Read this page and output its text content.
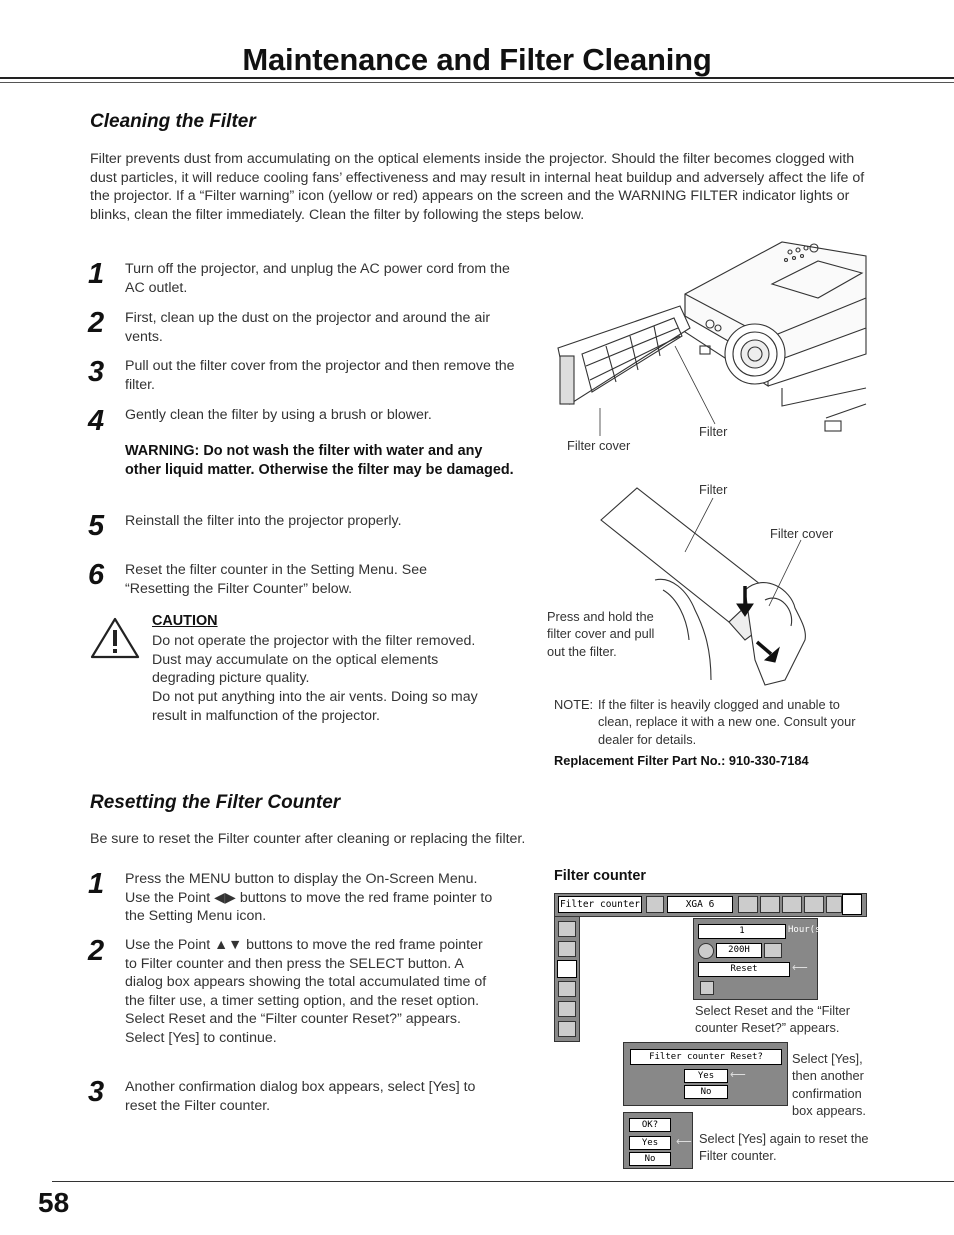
Maintenance and Filter Cleaning
Cleaning the Filter
Filter prevents dust from accumulating on the optical elements inside the projector. Should the filter becomes clogged with dust particles, it will reduce cooling fans’ effectiveness and may result in internal heat buildup and adversely affect the life of the projector. If a “Filter warning” icon (yellow or red) appears on the screen and the WARNING FILTER indicator lights or blinks, clean the filter immediately. Clean the filter by following the steps below.
1 Turn off the projector, and unplug the AC power cord from the AC outlet.
2 First, clean up the dust on the projector and around the air vents.
3 Pull out the filter cover from the projector and then remove the filter.
4 Gently clean the filter by using a brush or blower.
WARNING: Do not wash the filter with water and any other liquid matter. Otherwise the filter may be damaged.
5 Reinstall the filter into the projector properly.
6 Reset the filter counter in the Setting Menu. See “Resetting the Filter Counter” below.
CAUTION
Do not operate the projector with the filter removed. Dust may accumulate on the optical elements degrading picture quality.
Do not put anything into the air vents. Doing so may result in malfunction of the projector.
Filter
Filter cover
Filter
Filter cover
Press and hold the filter cover and pull out the filter.
NOTE: If the filter is heavily clogged and unable to clean, replace it with a new one. Consult your dealer for details.
Replacement Filter Part No.: 910-330-7184
Resetting the Filter Counter
Be sure to reset the Filter counter after cleaning or replacing the filter.
1 Press the MENU button to display the On-Screen Menu. Use the Point ◀▶ buttons to move the red frame pointer to the Setting Menu icon.
2 Use the Point ▲▼ buttons to move the red frame pointer to Filter counter and then press the SELECT button. A dialog box appears showing the total accumulated time of the filter use, a timer setting option, and the reset option. Select Reset and the “Filter counter Reset?” appears. Select [Yes] to continue.
3 Another confirmation dialog box appears, select [Yes] to reset the Filter counter.
Filter counter
Filter counter	XGA 6
1	Hour(s)
200H
Reset	⟵
Select Reset and the “Filter counter Reset?” appears.
Filter counter Reset?
Yes	⟵
No
Select [Yes], then another confirmation box appears.
OK?
Yes	⟵
No
Select [Yes] again to reset the Filter counter.
58
